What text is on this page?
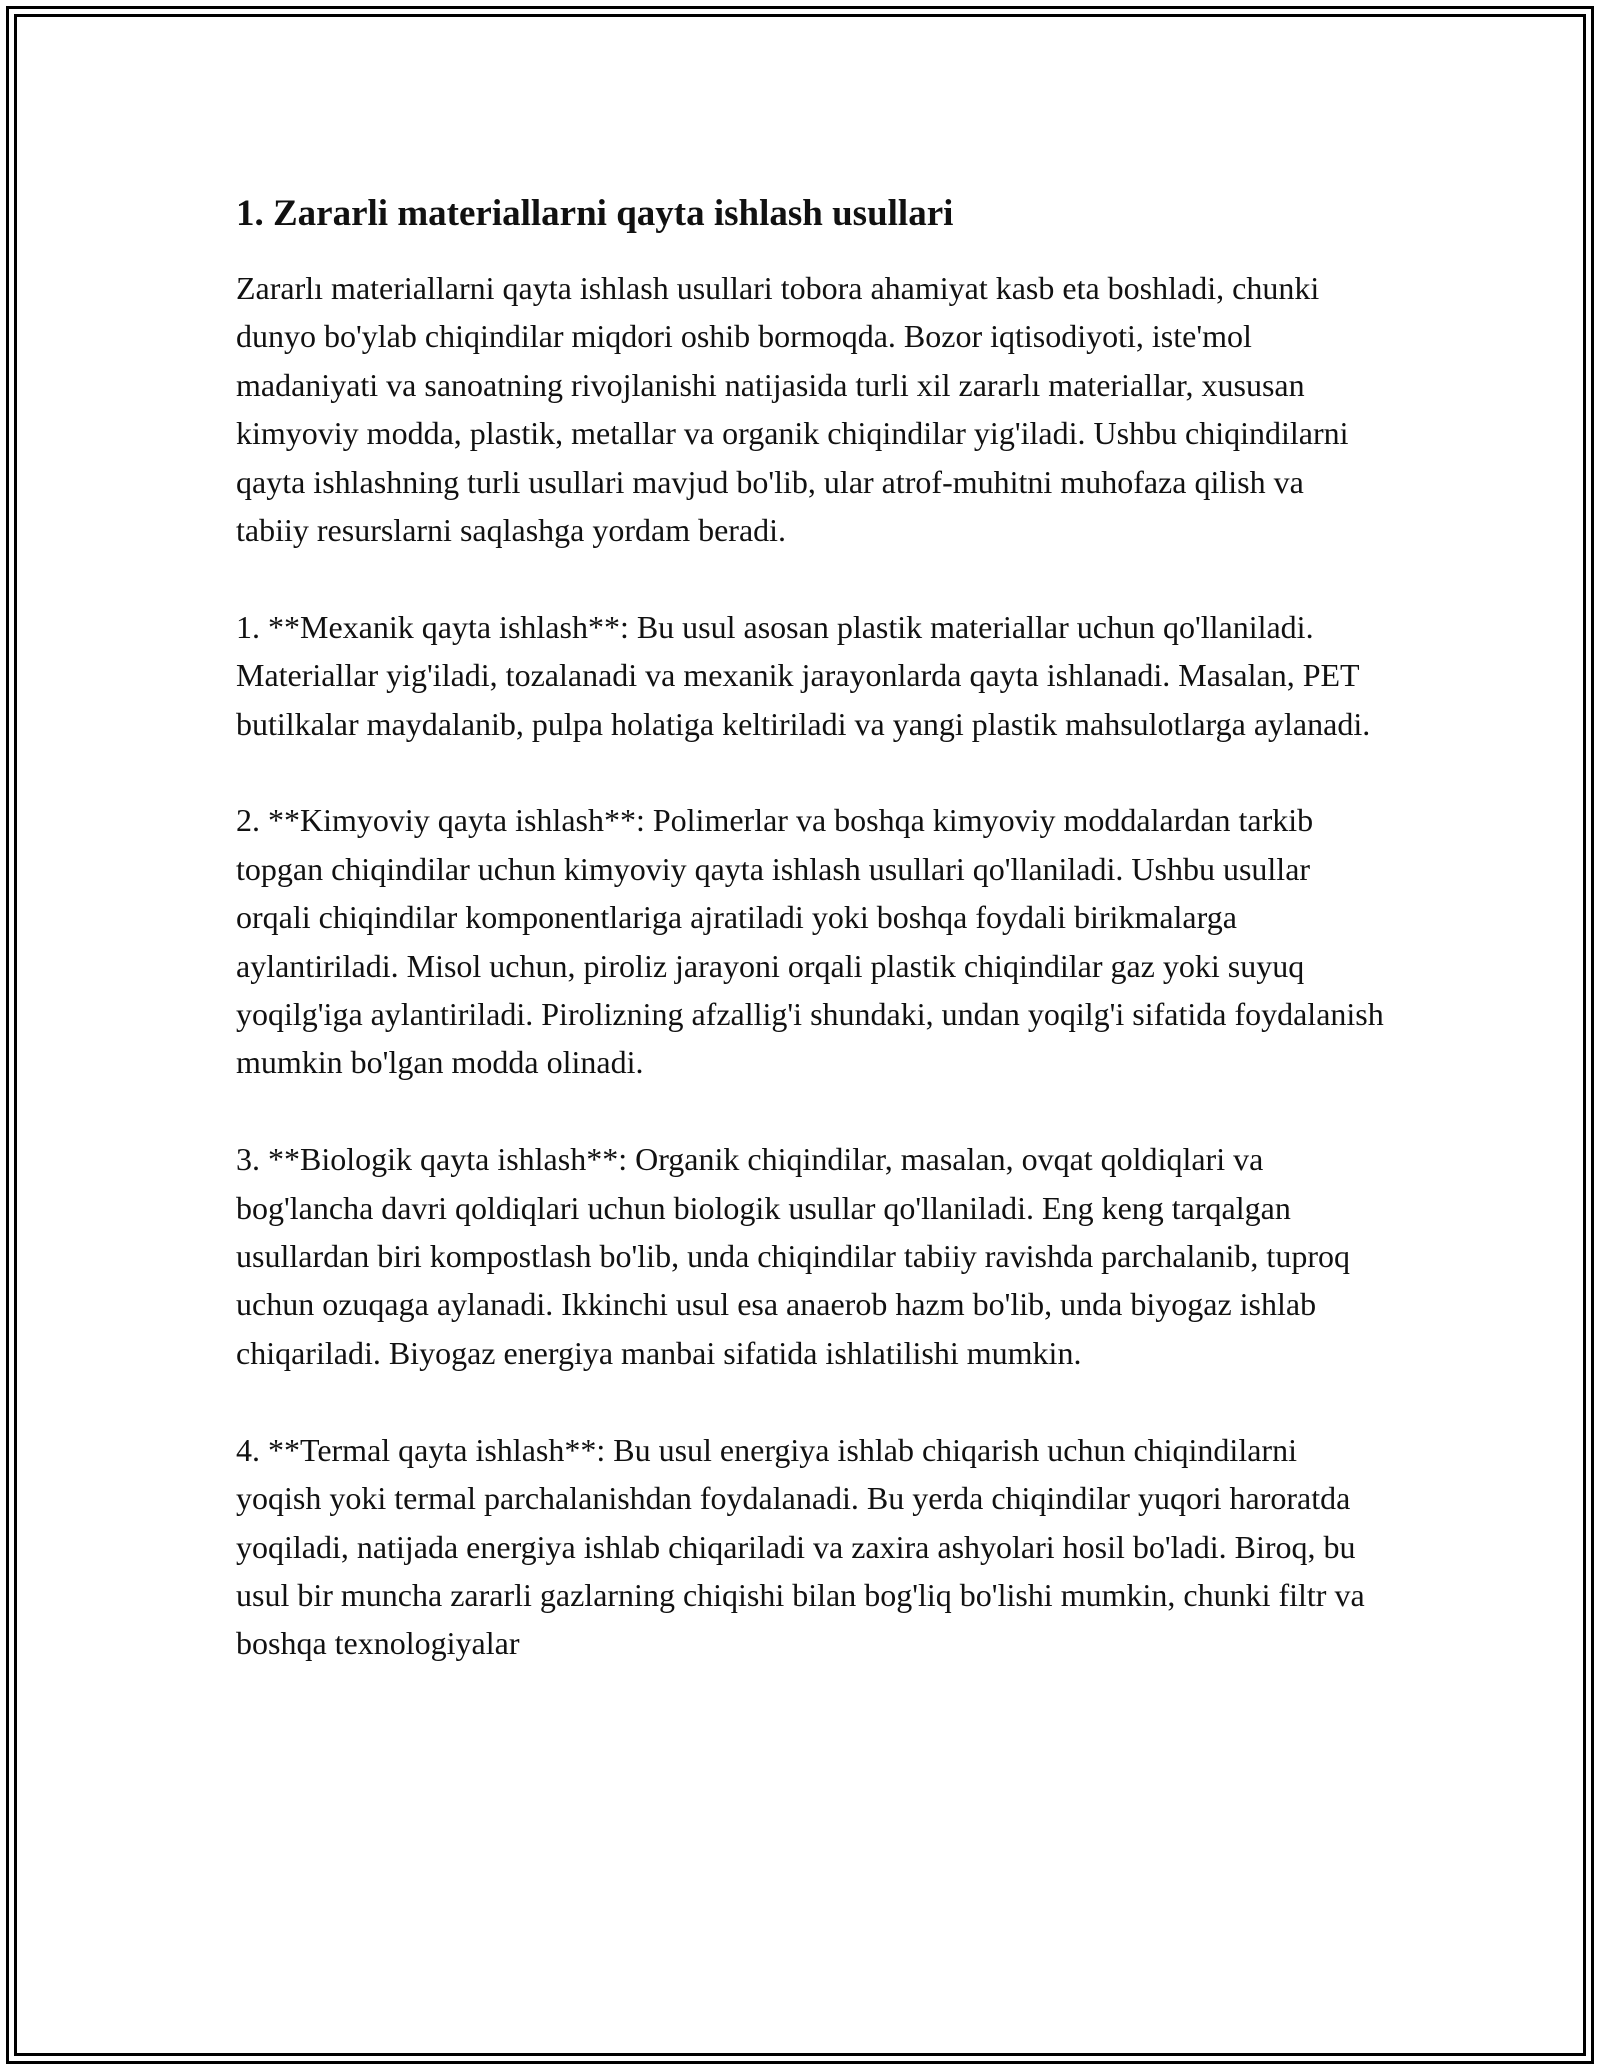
1. Zararli materiallarni qayta ishlash usullari

Zararlı materiallarni qayta ishlash usullari tobora ahamiyat kasb eta boshladi, chunki dunyo bo'ylab chiqindilar miqdori oshib bormoqda. Bozor iqtisodiyoti, iste'mol madaniyati va sanoatning rivojlanishi natijasida turli xil zararlı materiallar, xususan kimyoviy modda, plastik, metallar va organik chiqindilar yig'iladi. Ushbu chiqindilarni qayta ishlashning turli usullari mavjud bo'lib, ular atrof-muhitni muhofaza qilish va tabiiy resurslarni saqlashga yordam beradi.

1. **Mexanik qayta ishlash**: Bu usul asosan plastik materiallar uchun qo'llaniladi. Materiallar yig'iladi, tozalanadi va mexanik jarayonlarda qayta ishlanadi. Masalan, PET butilkalar maydalanib, pulpa holatiga keltiriladi va yangi plastik mahsulotlarga aylanadi.

2. **Kimyoviy qayta ishlash**: Polimerlar va boshqa kimyoviy moddalardan tarkib topgan chiqindilar uchun kimyoviy qayta ishlash usullari qo'llaniladi. Ushbu usullar orqali chiqindilar komponentlariga ajratiladi yoki boshqa foydali birikmalarga aylantiriladi. Misol uchun, piroliz jarayoni orqali plastik chiqindilar gaz yoki suyuq yoqilg'iga aylantiriladi. Pirolizning afzallig'i shundaki, undan yoqilg'i sifatida foydalanish mumkin bo'lgan modda olinadi.

3. **Biologik qayta ishlash**: Organik chiqindilar, masalan, ovqat qoldiqlari va bog'lancha davri qoldiqlari uchun biologik usullar qo'llaniladi. Eng keng tarqalgan usullardan biri kompostlash bo'lib, unda chiqindilar tabiiy ravishda parchalanib, tuproq uchun ozuqaga aylanadi. Ikkinchi usul esa anaerob hazm bo'lib, unda biyogaz ishlab chiqariladi. Biyogaz energiya manbai sifatida ishlatilishi mumkin.

4. **Termal qayta ishlash**: Bu usul energiya ishlab chiqarish uchun chiqindilarni yoqish yoki termal parchalanishdan foydalanadi. Bu yerda chiqindilar yuqori haroratda yoqiladi, natijada energiya ishlab chiqariladi va zaxira ashyolari hosil bo'ladi. Biroq, bu usul bir muncha zararli gazlarning chiqishi bilan bog'liq bo'lishi mumkin, chunki filtr va boshqa texnologiyalar
